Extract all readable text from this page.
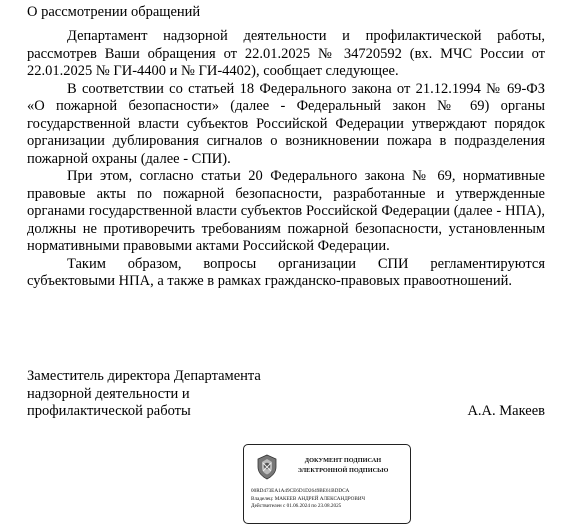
О рассмотрении обращений

Департамент надзорной деятельности и профилактической работы, рассмотрев Ваши обращения от 22.01.2025 № 34720592 (вх. МЧС России от 22.01.2025 № ГИ-4400 и № ГИ-4402), сообщает следующее.

В соответствии со статьей 18 Федерального закона от 21.12.1994 № 69-ФЗ «О пожарной безопасности» (далее - Федеральный закон № 69) органы государственной власти субъектов Российской Федерации утверждают порядок организации дублирования сигналов о возникновении пожара в подразделения пожарной охраны (далее - СПИ).

При этом, согласно статьи 20 Федерального закона № 69, нормативные правовые акты по пожарной безопасности, разработанные и утвержденные органами государственной власти субъектов Российской Федерации (далее - НПА), должны не противоречить требованиям пожарной безопасности, установленным нормативными правовыми актами Российской Федерации.

Таким образом, вопросы организации СПИ регламентируются субъектовыми НПА, а также в рамках гражданско-правовых правоотношений.

Заместитель директора Департамента
надзорной деятельности и
профилактической работы	А.А. Макеев
ДОКУМЕНТ ПОДПИСАН
ЭЛЕКТРОННОЙ ПОДПИСЬЮ
00RD473EA1A49CE6D1D2649BE61BDDCA
Владелец: МАКЕЕВ АНДРЕЙ АЛЕКСАНДРОВИЧ
Действителен с 01.06.2024 по 23.08.2025
